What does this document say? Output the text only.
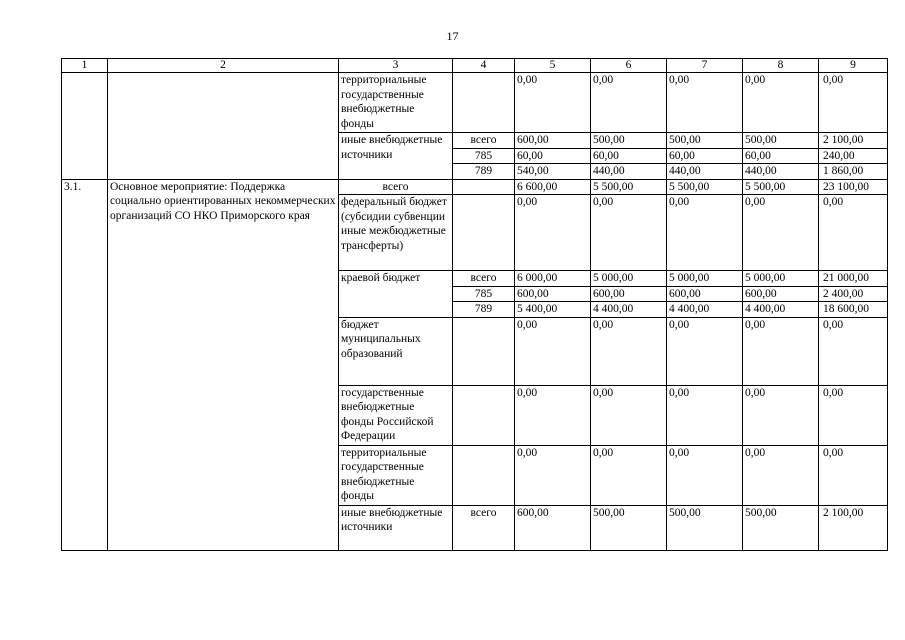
17
1	2	3	4	5	6	7	8	9
		территориальные государственные внебюджетные фонды		0,00	0,00	0,00	0,00	0,00
		иные внебюджетные источники	всего	600,00	500,00	500,00	500,00	2 100,00
			785	60,00	60,00	60,00	60,00	240,00
			789	540,00	440,00	440,00	440,00	1 860,00
3.1.	Основное мероприятие: Поддержка социально ориентированных некоммерческих организаций СО НКО Приморского края	всего		6 600,00	5 500,00	5 500,00	5 500,00	23 100,00
		федеральный бюджет (субсидии субвенции иные межбюджетные трансферты)		0,00	0,00	0,00	0,00	0,00
		краевой бюджет	всего	6 000,00	5 000,00	5 000,00	5 000,00	21 000,00
			785	600,00	600,00	600,00	600,00	2 400,00
			789	5 400,00	4 400,00	4 400,00	4 400,00	18 600,00
		бюджет муниципальных образований		0,00	0,00	0,00	0,00	0,00
		государственные внебюджетные фонды Российской Федерации		0,00	0,00	0,00	0,00	0,00
		территориальные государственные внебюджетные фонды		0,00	0,00	0,00	0,00	0,00
		иные внебюджетные источники	всего	600,00	500,00	500,00	500,00	2 100,00
